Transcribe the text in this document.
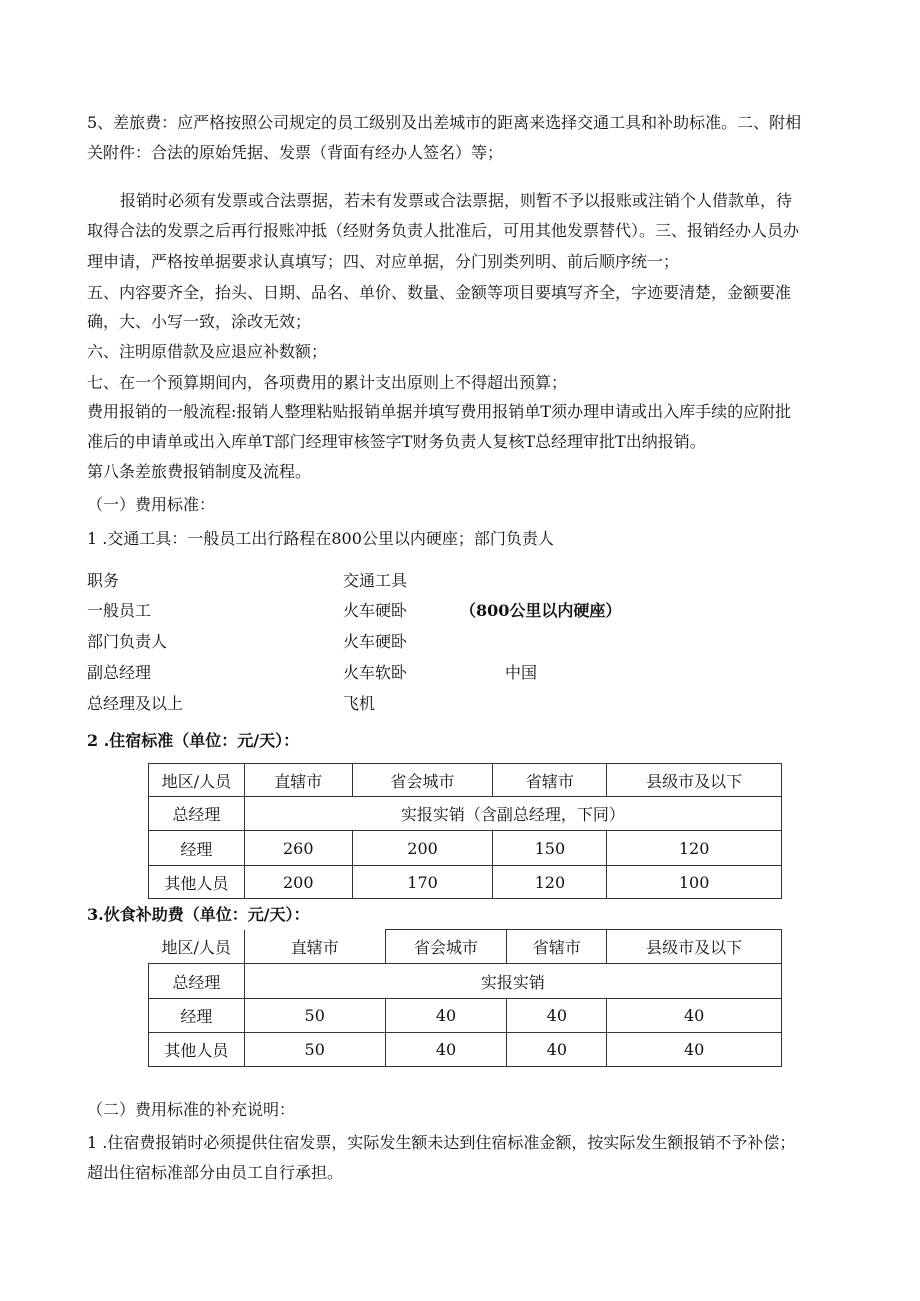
5、差旅费：应严格按照公司规定的员工级别及出差城市的距离来选择交通工具和补助标准。二、附相
关附件：合法的原始凭据、发票（背面有经办人签名）等；
报销时必须有发票或合法票据，若未有发票或合法票据，则暂不予以报账或注销个人借款单，待
取得合法的发票之后再行报账冲抵（经财务负责人批准后，可用其他发票替代）。三、报销经办人员办
理申请，严格按单据要求认真填写；四、对应单据，分门别类列明、前后顺序统一；
五、内容要齐全，抬头、日期、品名、单价、数量、金额等项目要填写齐全，字迹要清楚，金额要准
确，大、小写一致，涂改无效；
六、注明原借款及应退应补数额；
七、在一个预算期间内，各项费用的累计支出原则上不得超出预算；
费用报销的一般流程:报销人整理粘贴报销单据并填写费用报销单T须办理申请或出入库手续的应附批
准后的申请单或出入库单T部门经理审核签字T财务负责人复核T总经理审批T出纳报销。
第八条差旅费报销制度及流程。
（一）费用标准：
1 .交通工具：一般员工出行路程在800公里以内硬座；部门负责人
职务	交通工具
一般员工	火车硬卧	（800公里以内硬座）
部门负责人	火车硬卧
副总经理	火车软卧	中国
总经理及以上	飞机
2 .住宿标准（单位：元/天）：
地区/人员	直辖市	省会城市	省辖市	县级市及以下
总经理	实报实销（含副总经理，下同）			
经理	260	200	150	120
其他人员	200	170	120	100
3.伙食补助费（单位：元/天）：
地区/人员	直辖市	省会城市	省辖市	县级市及以下
总经理	实报实销			
经理	50	40	40	40
其他人员	50	40	40	40
（二）费用标准的补充说明：
1 .住宿费报销时必须提供住宿发票，实际发生额未达到住宿标准金额，按实际发生额报销不予补偿；
超出住宿标准部分由员工自行承担。
